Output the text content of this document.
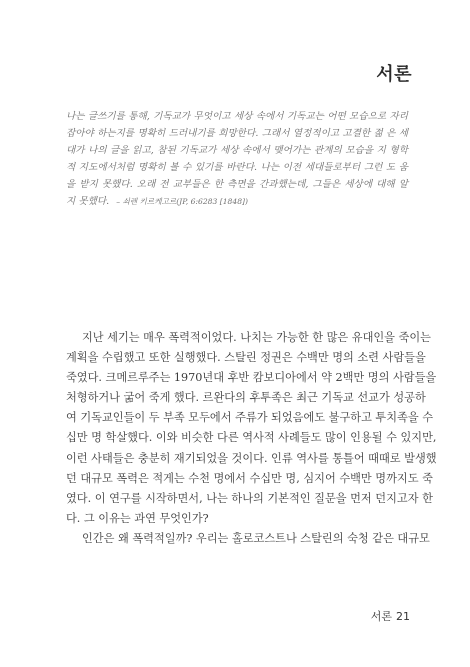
서론
나는 글쓰기를 통해, 기독교가 무엇이고 세상 속에서 기독교는 어떤 모습으로 자리잡아야 하는지를 명확히 드러내기를 희망한다. 그래서 열정적이고 고결한 젊 은 세대가 나의 글을 읽고, 참된 기독교가 세상 속에서 맺어가는 관계의 모습을 지 형학적 지도에서처럼 명확히 볼 수 있기를 바란다. 나는 이전 세대들로부터 그런 도 움을 받지 못했다. 오래 전 교부들은 한 측면을 간과했는데, 그들은 세상에 대해 알 지 못했다. – 쇠렌 키르케고르(JP, 6:6283 [1848])
지난 세기는 매우 폭력적이었다. 나치는 가능한 한 많은 유대인을 죽이는
계획을 수립했고 또한 실행했다. 스탈린 정권은 수백만 명의 소련 사람들을
죽였다. 크메르루주는 1970년대 후반 캄보디아에서 약 2백만 명의 사람들을
처형하거나 굶어 죽게 했다. 르완다의 후투족은 최근 기독교 선교가 성공하
여 기독교인들이 두 부족 모두에서 주류가 되었음에도 불구하고 투치족을 수
십만 명 학살했다. 이와 비슷한 다른 역사적 사례들도 많이 인용될 수 있지만,
이런 사태들은 충분히 재기되었을 것이다. 인류 역사를 통틀어 때때로 발생했
던 대규모 폭력은 적게는 수천 명에서 수십만 명, 심지어 수백만 명까지도 죽
였다. 이 연구를 시작하면서, 나는 하나의 기본적인 질문을 먼저 던지고자 한
다. 그 이유는 과연 무엇인가?
인간은 왜 폭력적일까? 우리는 홀로코스트나 스탈린의 숙청 같은 대규모
서론 21
